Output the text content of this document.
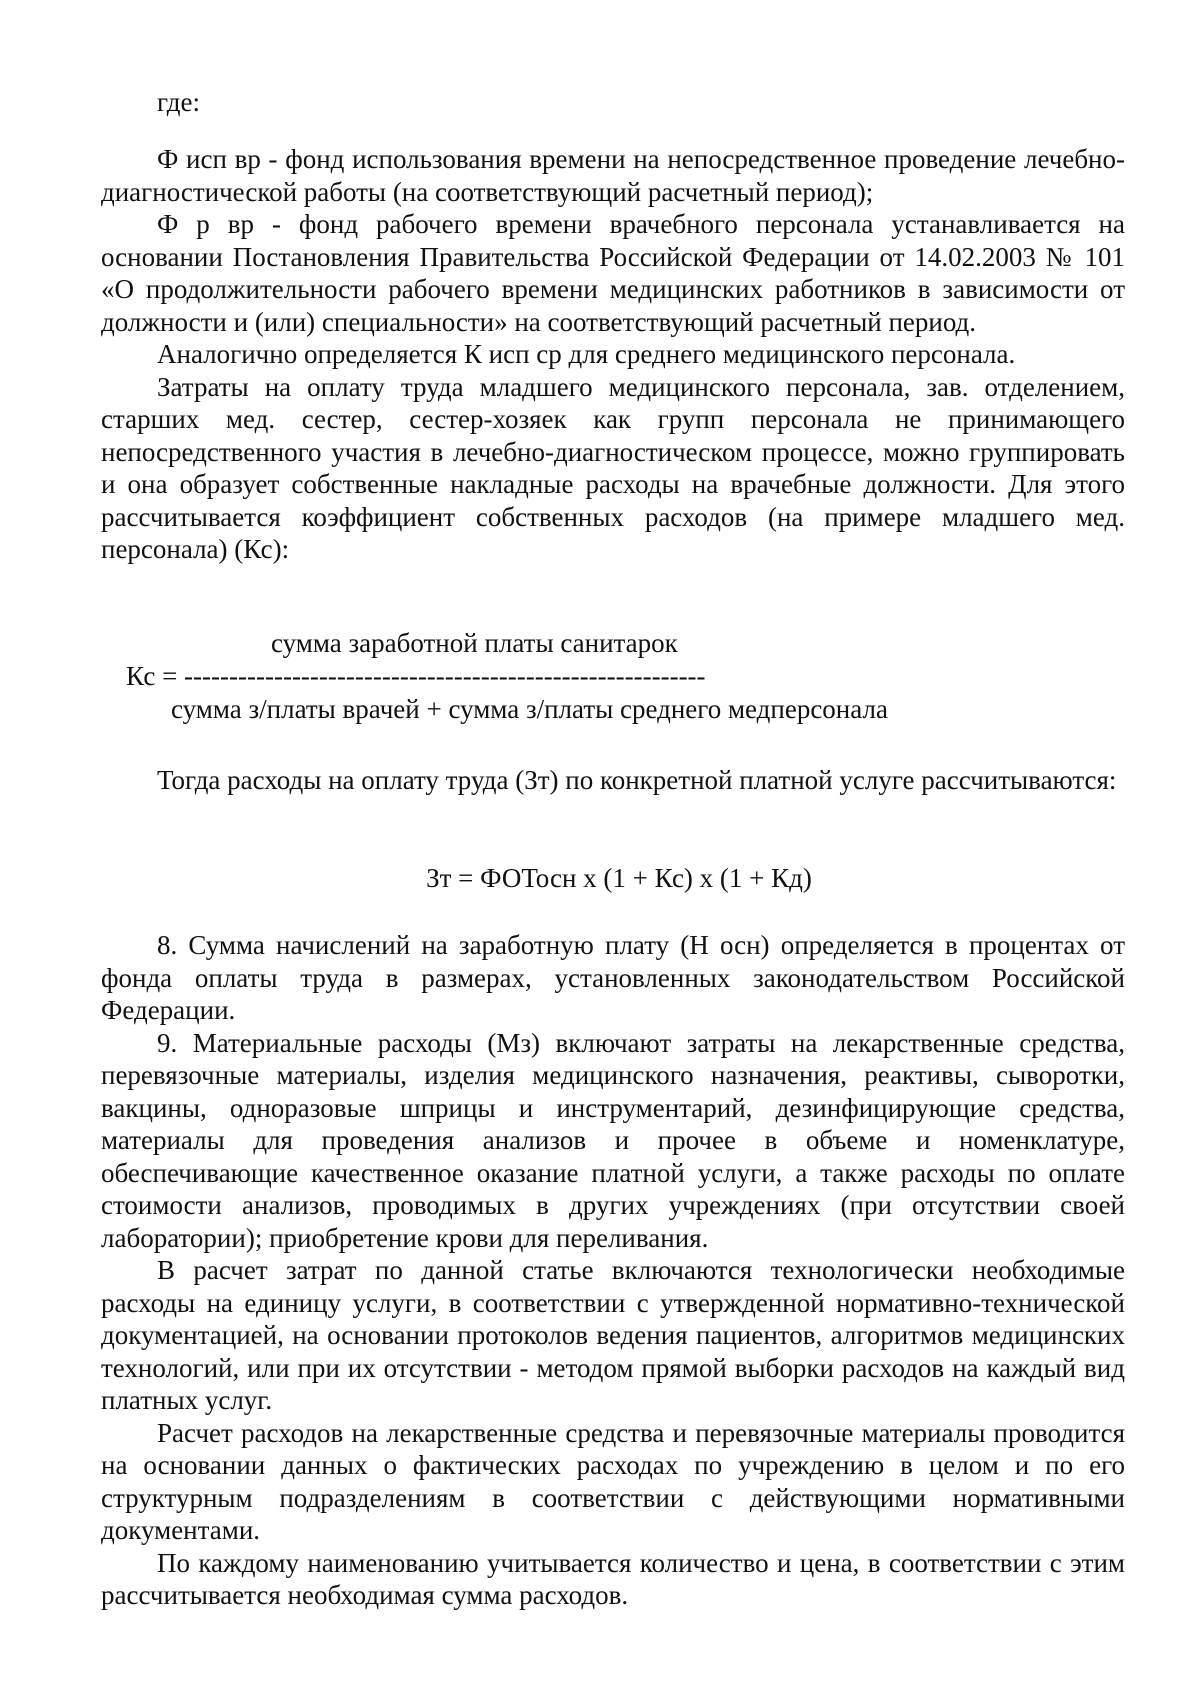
где:

Ф исп вр - фонд использования времени на непосредственное проведение лечебно-диагностической работы (на соответствующий расчетный период);

Ф р вр - фонд рабочего времени врачебного персонала устанавливается на основании Постановления Правительства Российской Федерации от 14.02.2003 № 101 «О продолжительности рабочего времени медицинских работников в зависимости от должности и (или) специальности» на соответствующий расчетный период.

Аналогично определяется К исп ср для среднего медицинского персонала.

Затраты на оплату труда младшего медицинского персонала, зав. отделением, старших мед. сестер, сестер-хозяек как групп персонала не принимающего непосредственного участия в лечебно-диагностическом процессе, можно группировать и она образует собственные накладные расходы на врачебные должности. Для этого рассчитывается коэффициент собственных расходов (на примере младшего мед. персонала) (Кс):

сумма заработной платы санитарок
Кс = ----------------------------------------------------------
сумма з/платы врачей + сумма з/платы среднего медперсонала

Тогда расходы на оплату труда (Зт) по конкретной платной услуге рассчитываются:

Зт = ФОТосн х (1 + Кс) х (1 + Кд)

8. Сумма начислений на заработную плату (Н осн) определяется в процентах от фонда оплаты труда в размерах, установленных законодательством Российской Федерации.

9. Материальные расходы (Мз) включают затраты на лекарственные средства, перевязочные материалы, изделия медицинского назначения, реактивы, сыворотки, вакцины, одноразовые шприцы и инструментарий, дезинфицирующие средства, материалы для проведения анализов и прочее в объеме и номенклатуре, обеспечивающие качественное оказание платной услуги, а также расходы по оплате стоимости анализов, проводимых в других учреждениях (при отсутствии своей лаборатории); приобретение крови для переливания.

В расчет затрат по данной статье включаются технологически необходимые расходы на единицу услуги, в соответствии с утвержденной нормативно-технической документацией, на основании протоколов ведения пациентов, алгоритмов медицинских технологий, или при их отсутствии - методом прямой выборки расходов на каждый вид платных услуг.

Расчет расходов на лекарственные средства и перевязочные материалы проводится на основании данных о фактических расходах по учреждению в целом и по его структурным подразделениям в соответствии с действующими нормативными документами.

По каждому наименованию учитывается количество и цена, в соответствии с этим рассчитывается необходимая сумма расходов.
